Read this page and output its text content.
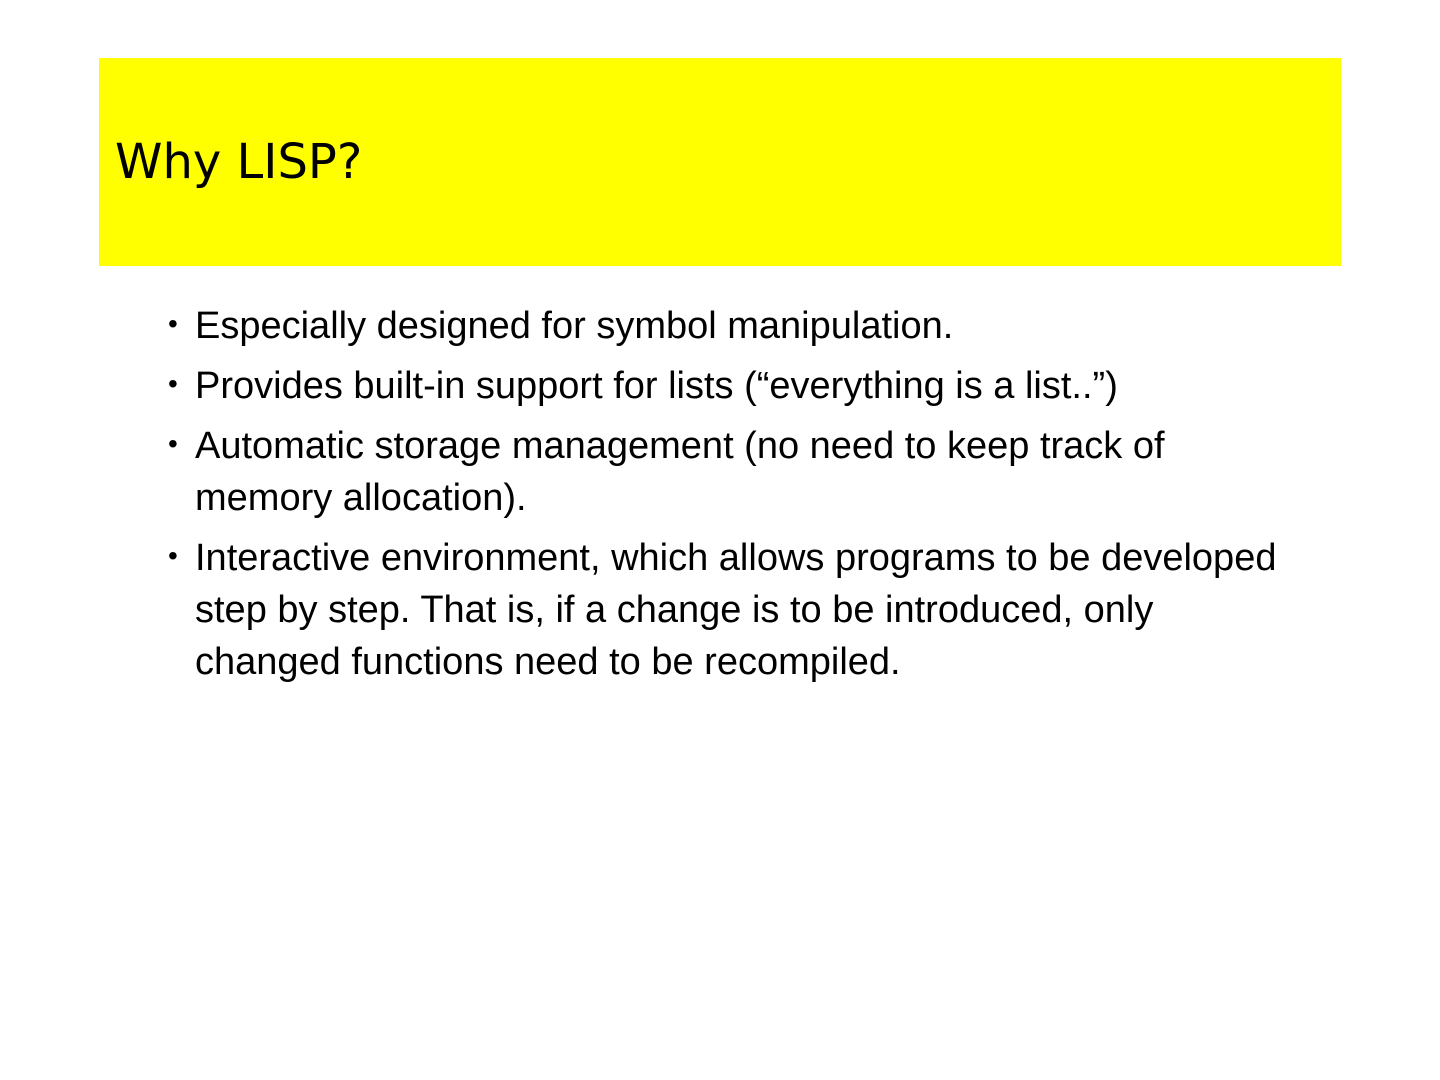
Why LISP?
• Especially designed for symbol manipulation.
• Provides built-in support for lists (“everything is a list..”)
• Automatic storage management (no need to keep track of memory allocation).
• Interactive environment, which allows programs to be developed step by step. That is, if a change is to be introduced, only changed functions need to be recompiled.
